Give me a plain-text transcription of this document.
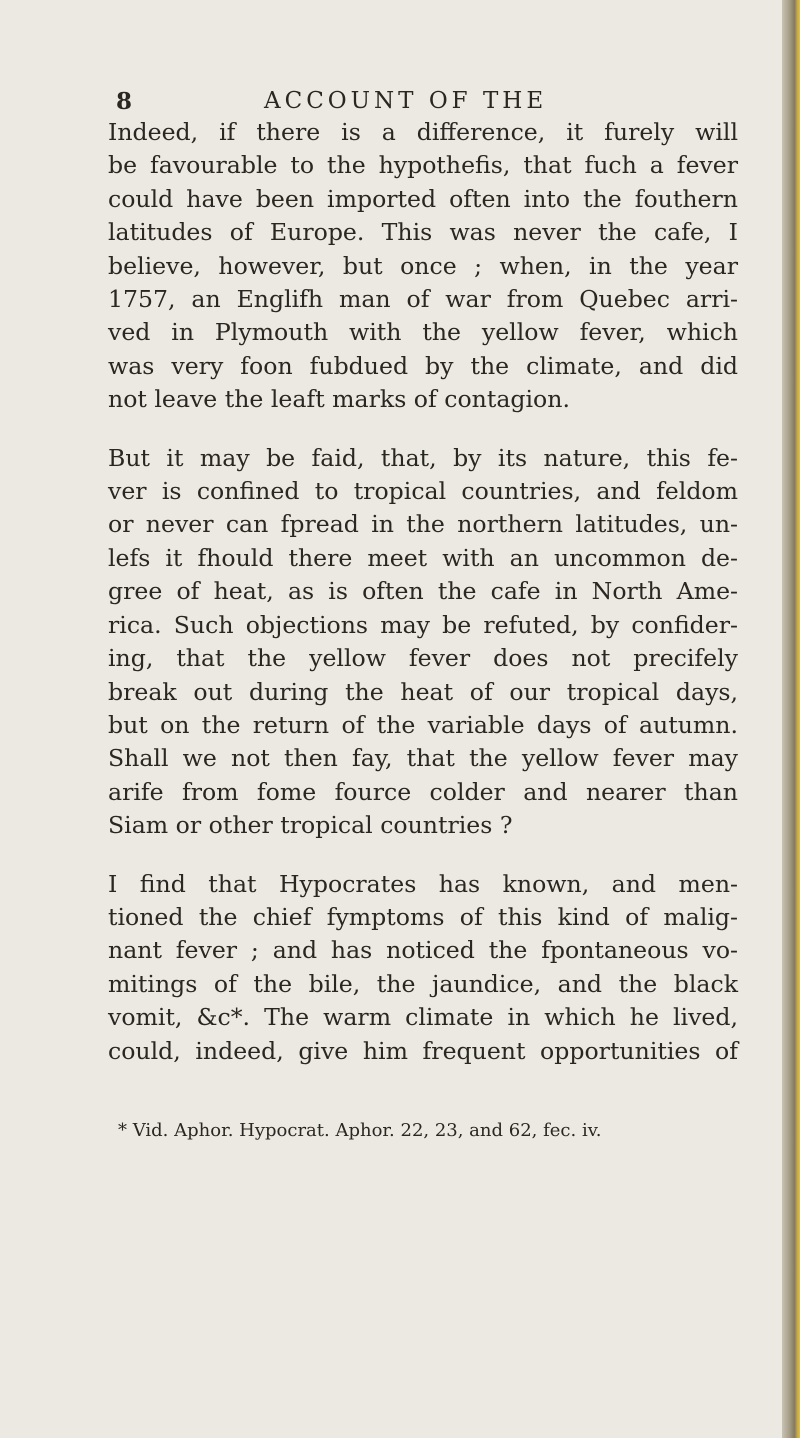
8	ACCOUNT OF THE
Indeed, if there is a difference, it furely will
be favourable to the hypothefis, that fuch a fever
could have been imported often into the fouthern
latitudes of Europe. This was never the cafe, I
believe, however, but once ; when, in the year
1757, an Englifh man of war from Quebec arri-
ved in Plymouth with the yellow fever, which
was very foon fubdued by the climate, and did
not leave the leaft marks of contagion.
But it may be faid, that, by its nature, this fe-
ver is confined to tropical countries, and feldom
or never can fpread in the northern latitudes, un-
lefs it fhould there meet with an uncommon de-
gree of heat, as is often the cafe in North Ame-
rica. Such objections may be refuted, by confider-
ing, that the yellow fever does not precifely
break out during the heat of our tropical days,
but on the return of the variable days of autumn.
Shall we not then fay, that the yellow fever may
arife from fome fource colder and nearer than
Siam or other tropical countries ?
I find that Hypocrates has known, and men-
tioned the chief fymptoms of this kind of malig-
nant fever ; and has noticed the fpontaneous vo-
mitings of the bile, the jaundice, and the black
vomit, &c*. The warm climate in which he lived,
could, indeed, give him frequent opportunities of
* Vid. Aphor. Hypocrat. Aphor. 22, 23, and 62, fec. iv.
